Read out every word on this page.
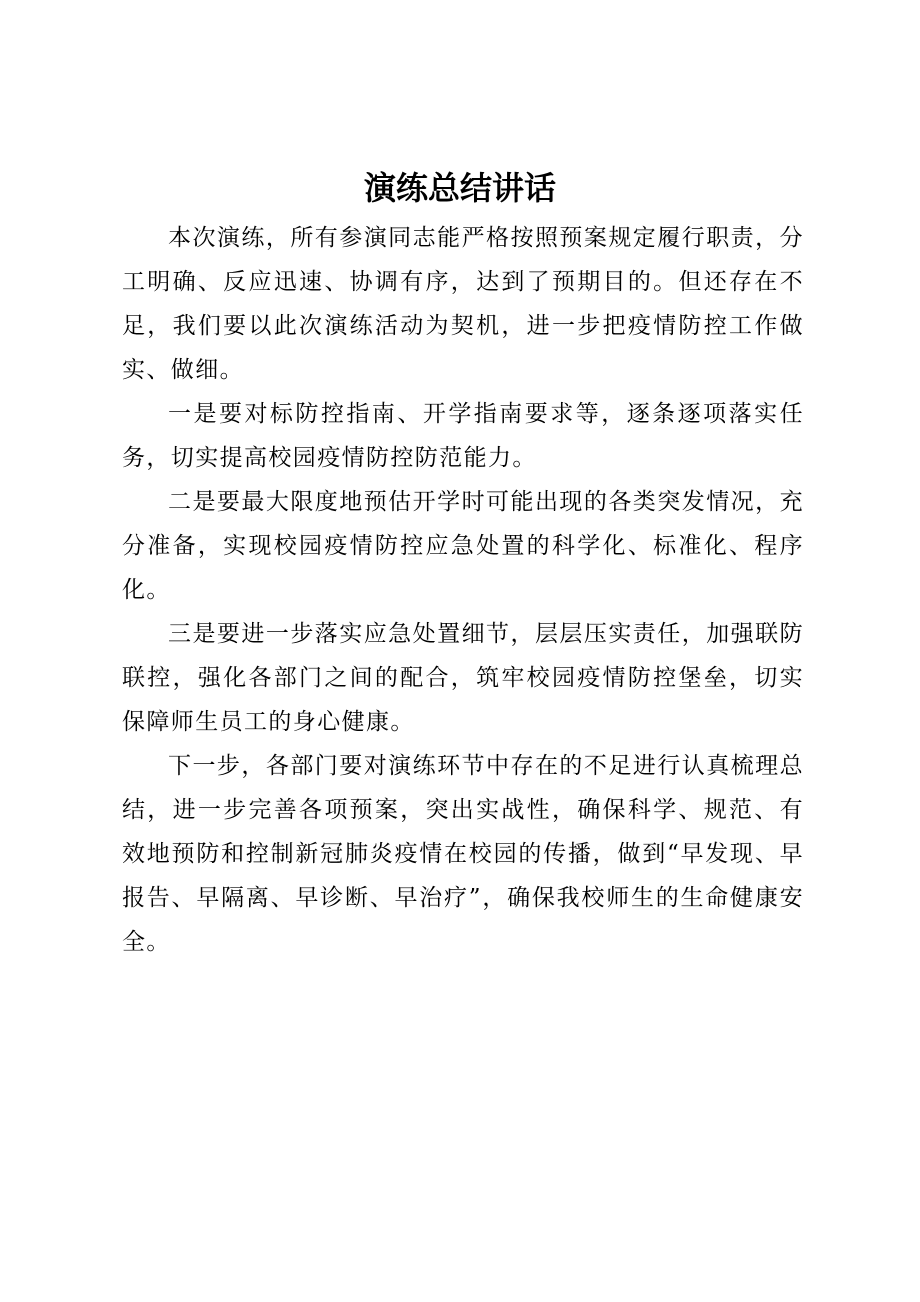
演练总结讲话

本次演练，所有参演同志能严格按照预案规定履行职责，分工明确、反应迅速、协调有序，达到了预期目的。但还存在不足，我们要以此次演练活动为契机，进一步把疫情防控工作做实、做细。

一是要对标防控指南、开学指南要求等，逐条逐项落实任务，切实提高校园疫情防控防范能力。

二是要最大限度地预估开学时可能出现的各类突发情况，充分准备，实现校园疫情防控应急处置的科学化、标准化、程序化。

三是要进一步落实应急处置细节，层层压实责任，加强联防联控，强化各部门之间的配合，筑牢校园疫情防控堡垒，切实保障师生员工的身心健康。

下一步，各部门要对演练环节中存在的不足进行认真梳理总结，进一步完善各项预案，突出实战性，确保科学、规范、有效地预防和控制新冠肺炎疫情在校园的传播，做到“早发现、早报告、早隔离、早诊断、早治疗”，确保我校师生的生命健康安全。
